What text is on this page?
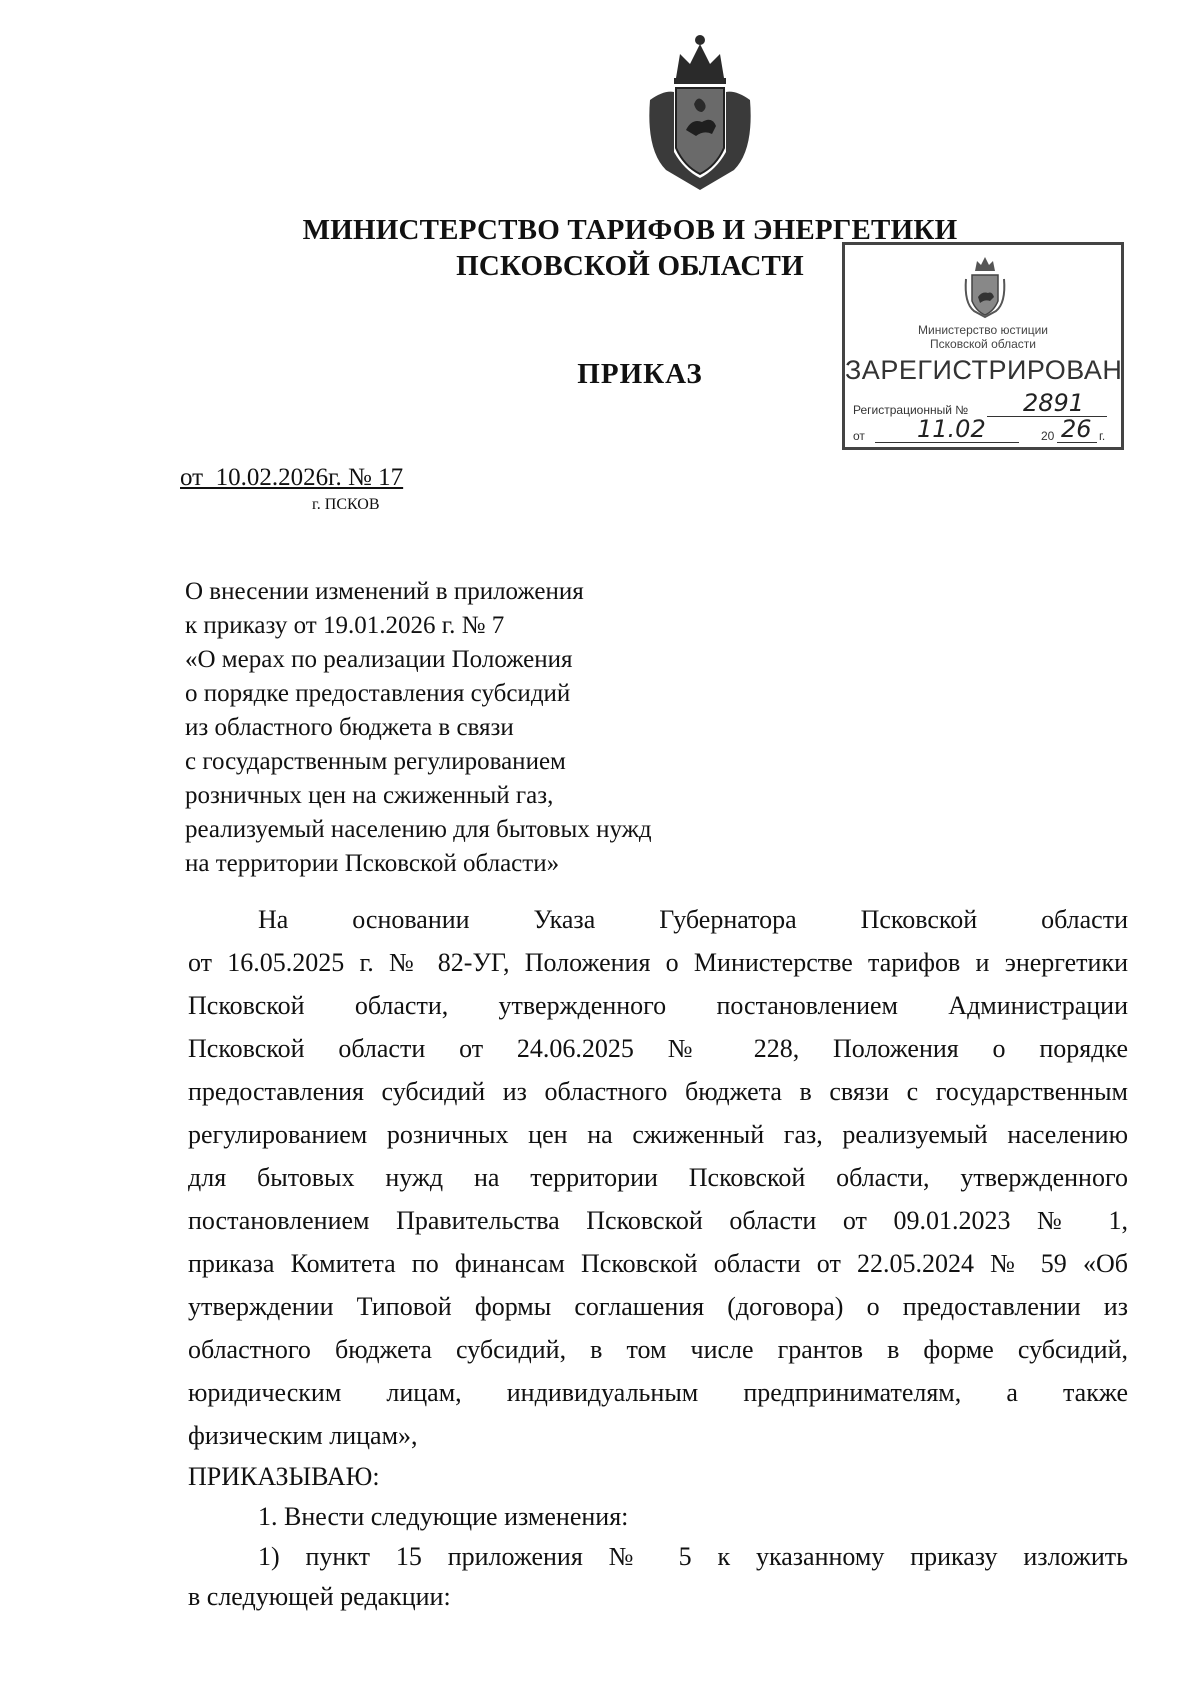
МИНИСТЕРСТВО ТАРИФОВ И ЭНЕРГЕТИКИ
ПСКОВСКОЙ ОБЛАСТИ
ПРИКАЗ
Министерство юстиции
Псковской области
ЗАРЕГИСТРИРОВАН
Регистрационный № 2891
от 11.02	20 26 г.
от  10.02.2026г. № 17
г. ПСКОВ
О внесении изменений в приложения
к приказу от 19.01.2026 г. № 7
«О мерах по реализации Положения
о порядке предоставления субсидий
из областного бюджета в связи
с государственным регулированием
розничных цен на сжиженный газ,
реализуемый населению для бытовых нужд
на территории Псковской области»
На основании Указа Губернатора Псковской области
от 16.05.2025 г. № 82-УГ, Положения о Министерстве тарифов и энергетики
Псковской области, утвержденного постановлением Администрации
Псковской области от 24.06.2025 № 228, Положения о порядке
предоставления субсидий из областного бюджета в связи с государственным
регулированием розничных цен на сжиженный газ, реализуемый населению
для бытовых нужд на территории Псковской области, утвержденного
постановлением Правительства Псковской области от 09.01.2023 № 1,
приказа Комитета по финансам Псковской области от 22.05.2024 № 59 «Об
утверждении Типовой формы соглашения (договора) о предоставлении из
областного бюджета субсидий, в том числе грантов в форме субсидий,
юридическим лицам, индивидуальным предпринимателям, а также
физическим лицам»,
ПРИКАЗЫВАЮ:
1. Внести следующие изменения:
1) пункт 15 приложения № 5 к указанному приказу изложить
в следующей редакции:
